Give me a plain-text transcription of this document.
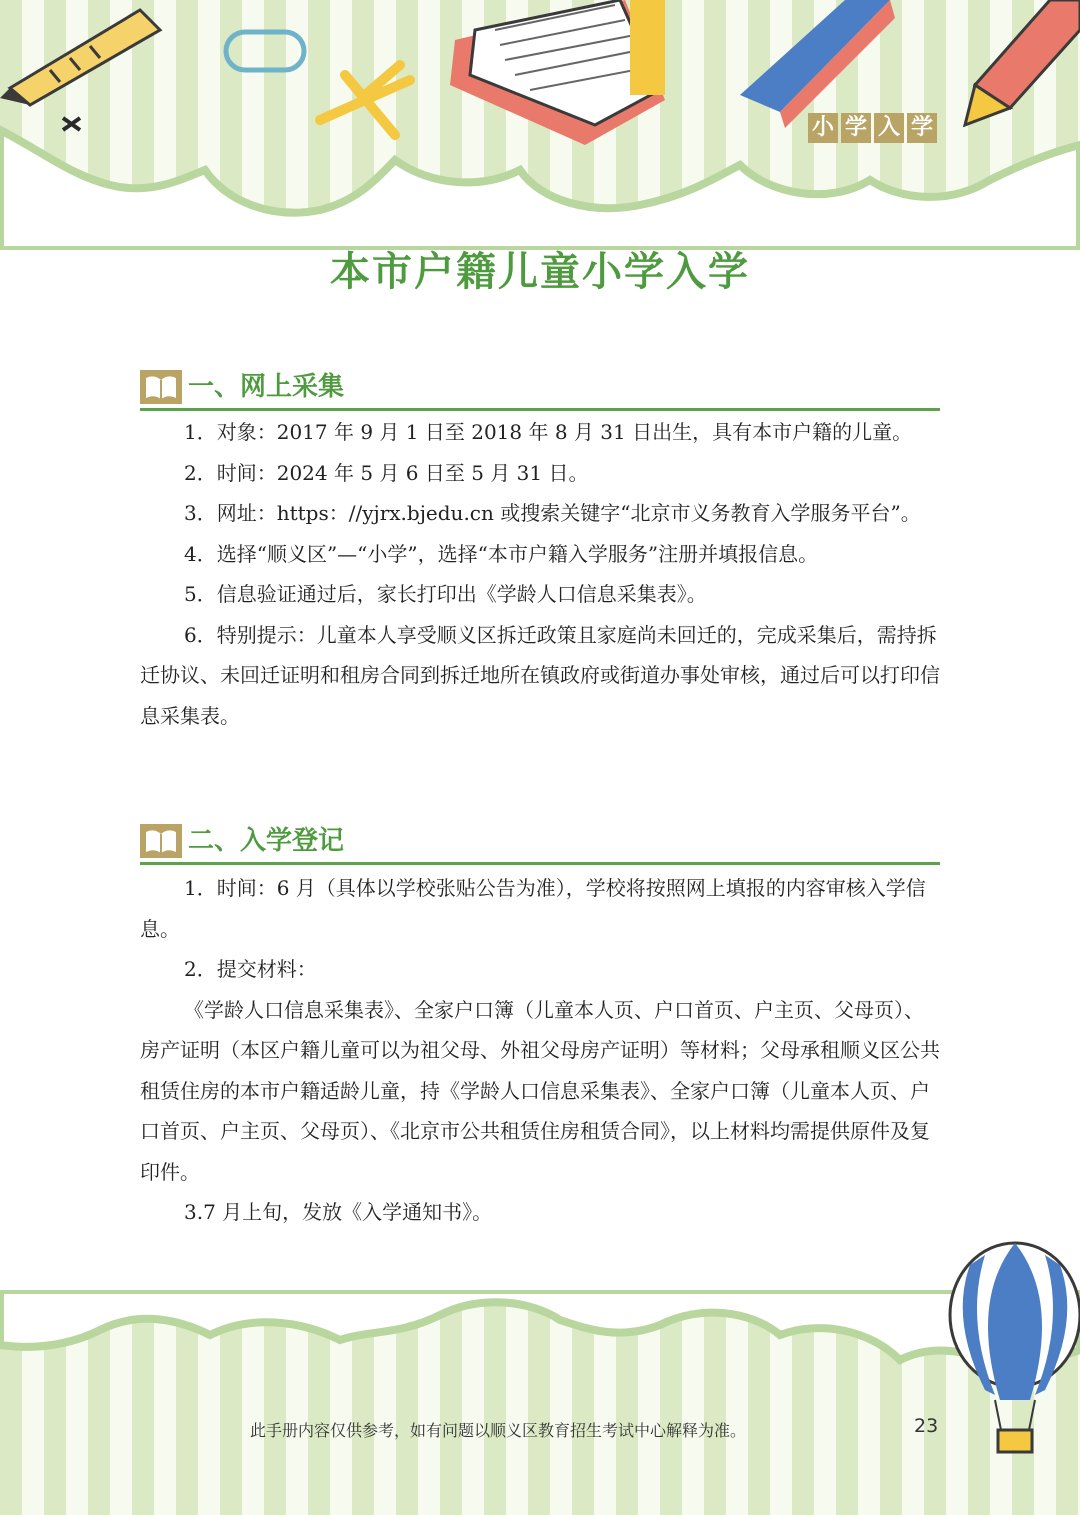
小 学 入 学
本市户籍儿童小学入学
一、网上采集

1．对象：2017 年 9 月 1 日至 2018 年 8 月 31 日出生，具有本市户籍的儿童。

2．时间：2024 年 5 月 6 日至 5 月 31 日。

3．网址：https：//yjrx.bjedu.cn 或搜索关键字“北京市义务教育入学服务平台”。

4．选择“顺义区”—“小学”，选择“本市户籍入学服务”注册并填报信息。

5．信息验证通过后，家长打印出《学龄人口信息采集表》。

6．特别提示：儿童本人享受顺义区拆迁政策且家庭尚未回迁的，完成采集后，需持拆迁协议、未回迁证明和租房合同到拆迁地所在镇政府或街道办事处审核，通过后可以打印信息采集表。

二、入学登记

1．时间：6 月（具体以学校张贴公告为准），学校将按照网上填报的内容审核入学信息。

2．提交材料：

《学龄人口信息采集表》、全家户口簿（儿童本人页、户口首页、户主页、父母页）、房产证明（本区户籍儿童可以为祖父母、外祖父母房产证明）等材料；父母承租顺义区公共租赁住房的本市户籍适龄儿童，持《学龄人口信息采集表》、全家户口簿（儿童本人页、户口首页、户主页、父母页）、《北京市公共租赁住房租赁合同》，以上材料均需提供原件及复印件。

3.7 月上旬，发放《入学通知书》。

此手册内容仅供参考，如有问题以顺义区教育招生考试中心解释为准。	23
